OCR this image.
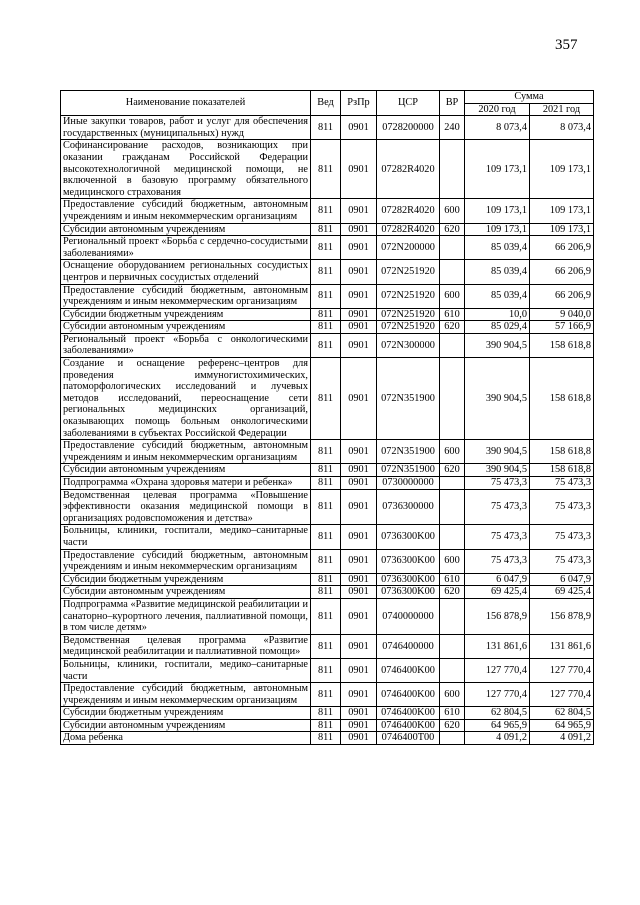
357
Наименование показателей	Вед	РзПр	ЦСР	ВР	Сумма	
					2020 год	2021 год
Иные закупки товаров, работ и услуг для обеспечения государственных (муниципальных) нужд	811	0901	0728200000	240	8 073,4	8 073,4
Софинансирование расходов, возникающих при оказании гражданам Российской Федерации высокотехнологичной медицинской помощи, не включенной в базовую программу обязательного медицинского страхования	811	0901	07282R4020		109 173,1	109 173,1
Предоставление субсидий бюджетным, автономным учреждениям и иным некоммерческим организациям	811	0901	07282R4020	600	109 173,1	109 173,1
Субсидии автономным учреждениям	811	0901	07282R4020	620	109 173,1	109 173,1
Региональный проект «Борьба с сердечно-сосудистыми заболеваниями»	811	0901	072N200000		85 039,4	66 206,9
Оснащение оборудованием региональных сосудистых центров и первичных сосудистых отделений	811	0901	072N251920		85 039,4	66 206,9
Предоставление субсидий бюджетным, автономным учреждениям и иным некоммерческим организациям	811	0901	072N251920	600	85 039,4	66 206,9
Субсидии бюджетным учреждениям	811	0901	072N251920	610	10,0	9 040,0
Субсидии автономным учреждениям	811	0901	072N251920	620	85 029,4	57 166,9
Региональный проект «Борьба с онкологическими заболеваниями»	811	0901	072N300000		390 904,5	158 618,8
Создание и оснащение референс–центров для проведения иммуногистохимических, патоморфологических исследований и лучевых методов исследований, переоснащение сети региональных медицинских организаций, оказывающих помощь больным онкологическими заболеваниями в субъектах Российской Федерации	811	0901	072N351900		390 904,5	158 618,8
Предоставление субсидий бюджетным, автономным учреждениям и иным некоммерческим организациям	811	0901	072N351900	600	390 904,5	158 618,8
Субсидии автономным учреждениям	811	0901	072N351900	620	390 904,5	158 618,8
Подпрограмма «Охрана здоровья матери и ребенка»	811	0901	0730000000		75 473,3	75 473,3
Ведомственная целевая программа «Повышение эффективности оказания медицинской помощи в организациях родовспоможения и детства»	811	0901	0736300000		75 473,3	75 473,3
Больницы, клиники, госпитали, медико–санитарные части	811	0901	0736300K00		75 473,3	75 473,3
Предоставление субсидий бюджетным, автономным учреждениям и иным некоммерческим организациям	811	0901	0736300K00	600	75 473,3	75 473,3
Субсидии бюджетным учреждениям	811	0901	0736300K00	610	6 047,9	6 047,9
Субсидии автономным учреждениям	811	0901	0736300K00	620	69 425,4	69 425,4
Подпрограмма «Развитие медицинской реабилитации и санаторно–курортного лечения, паллиативной помощи, в том числе детям»	811	0901	0740000000		156 878,9	156 878,9
Ведомственная целевая программа «Развитие медицинской реабилитации и паллиативной помощи»	811	0901	0746400000		131 861,6	131 861,6
Больницы, клиники, госпитали, медико–санитарные части	811	0901	0746400K00		127 770,4	127 770,4
Предоставление субсидий бюджетным, автономным учреждениям и иным некоммерческим организациям	811	0901	0746400K00	600	127 770,4	127 770,4
Субсидии бюджетным учреждениям	811	0901	0746400K00	610	62 804,5	62 804,5
Субсидии автономным учреждениям	811	0901	0746400K00	620	64 965,9	64 965,9
Дома ребенка	811	0901	0746400T00		4 091,2	4 091,2
